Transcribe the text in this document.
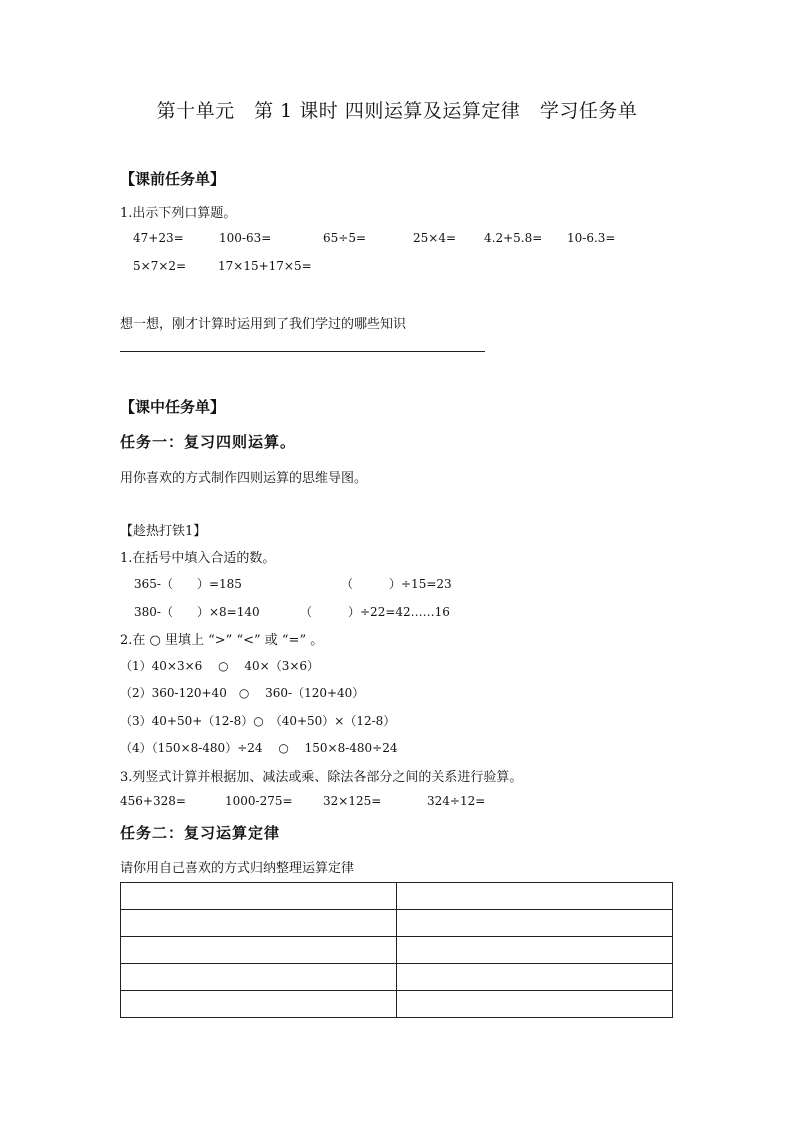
第十单元　第 1 课时 四则运算及运算定律　学习任务单
【课前任务单】
1.出示下列口算题。
47+23=	100-63=	65÷5=	25×4= 4.2+5.8= 10-6.3=
5×7×2=	17×15+17×5=
想一想，刚才计算时运用到了我们学过的哪些知识
【课中任务单】
任务一：复习四则运算。
用你喜欢的方式制作四则运算的思维导图。
【趁热打铁1】
1.在括号中填入合适的数。
365-（　　）=185	（　　　）÷15=23
380-（　　）×8=140	（　　　）÷22=42……16
2.在 ○ 里填上 “>” “<” 或 “=” 。
（1）40×3×6　 ○　 40×（3×6）
（2）360-120+40　○　 360-（120+40）
（3）40+50+（12-8）○　（40+50）×（12-8）
（4）（150×8-480）÷24　 ○　 150×8-480÷24
3.列竖式计算并根据加、减法或乘、除法各部分之间的关系进行验算。
456+328=	1000-275=	32×125=	324÷12=
任务二：复习运算定律
请你用自己喜欢的方式归纳整理运算定律
